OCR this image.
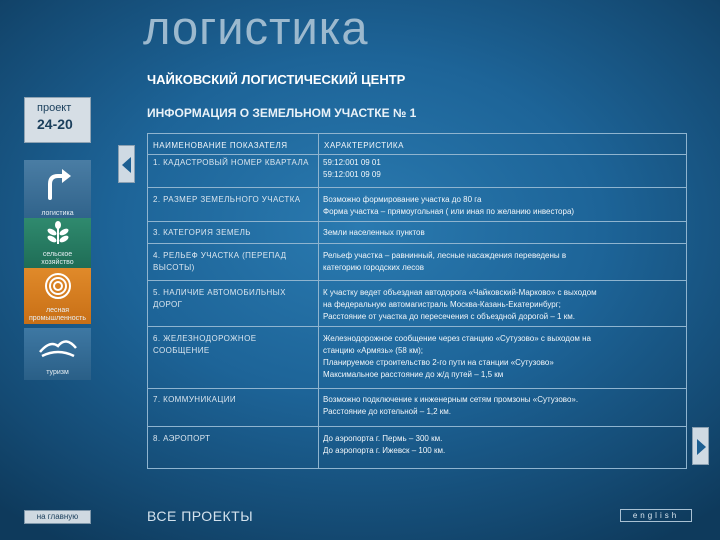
логистика
ЧАЙКОВСКИЙ ЛОГИСТИЧЕСКИЙ ЦЕНТР
проект
24-20
ИНФОРМАЦИЯ О ЗЕМЕЛЬНОМ УЧАСТКЕ № 1
логистика
сельское хозяйство
лесная промышленность
туризм
НАИМЕНОВАНИЕ ПОКАЗАТЕЛЯ	ХАРАКТЕРИСТИКА
1. КАДАСТРОВЫЙ НОМЕР КВАРТАЛА	59:12:001 09 01
59:12:001 09 09

2. РАЗМЕР ЗЕМЕЛЬНОГО УЧАСТКА	Возможно формирование участка до 80 га
Форма участка – прямоугольная ( или иная по желанию инвестора)

3. КАТЕГОРИЯ ЗЕМЕЛЬ	Земли населенных пунктов

4. РЕЛЬЕФ УЧАСТКА (ПЕРЕПАД ВЫСОТЫ)	Рельеф участка – равнинный, лесные насаждения переведены в
категорию городских лесов

5. НАЛИЧИЕ АВТОМОБИЛЬНЫХ ДОРОГ	К участку ведет объездная автодорога «Чайковский-Марково» с выходом
на федеральную автомагистраль Москва-Казань-Екатеринбург;
Расстояние от участка до пересечения с объездной дорогой – 1 км.

6. ЖЕЛЕЗНОДОРОЖНОЕ СООБЩЕНИЕ	Железнодорожное сообщение через станцию «Сутузово» с выходом на
станцию «Армязь» (58 км);
Планируемое строительство 2-го пути на станции «Сутузово»
Максимальное расстояние до ж/д путей – 1,5 км

7. КОММУНИКАЦИИ	Возможно подключение к инженерным сетям промзоны «Сутузово».
Расстояние до котельной – 1,2 км.

8. АЭРОПОРТ	До аэропорта г. Пермь – 300 км.
До аэропорта г. Ижевск – 100 км.
на главную	ВСЕ ПРОЕКТЫ	english
